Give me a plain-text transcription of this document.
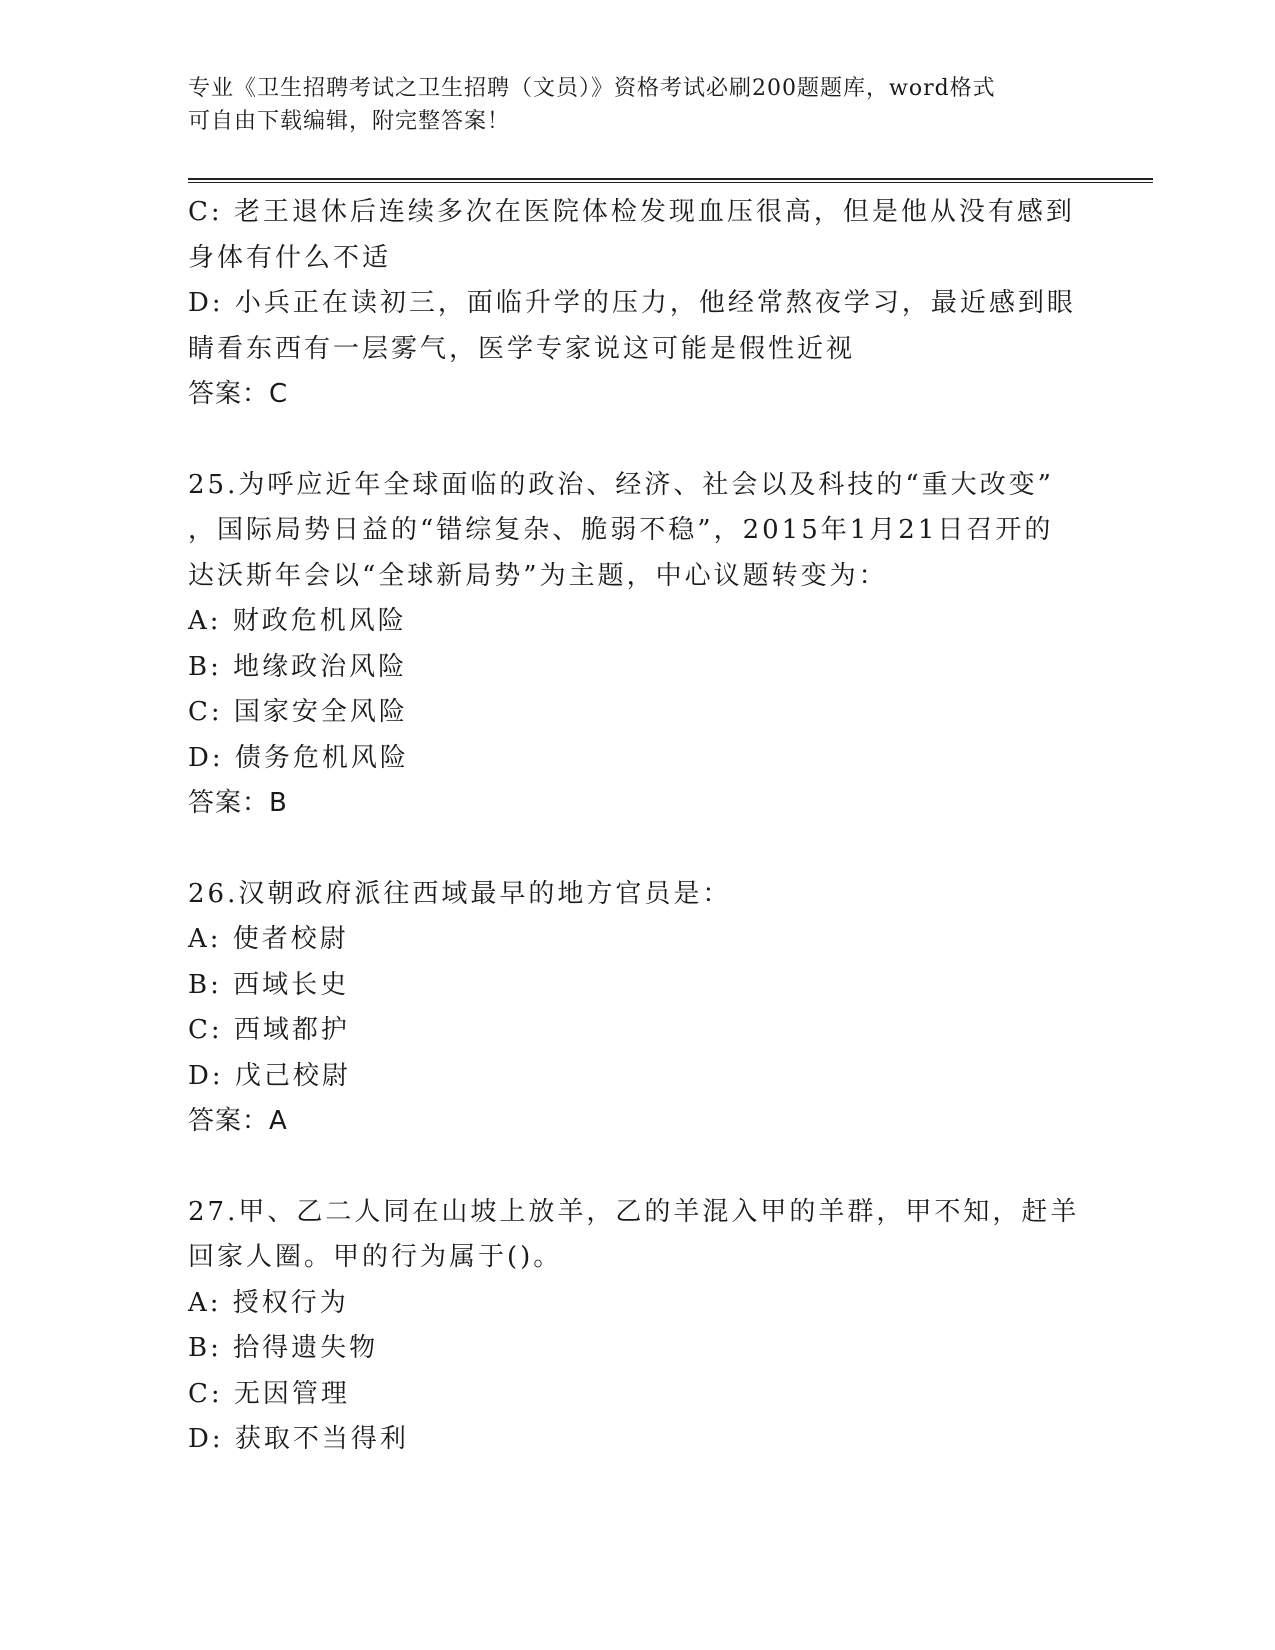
专业《卫生招聘考试之卫生招聘（文员）》资格考试必刷200题题库，word格式
可自由下载编辑，附完整答案！
C: 老王退休后连续多次在医院体检发现血压很高，但是他从没有感到
身体有什么不适
D: 小兵正在读初三，面临升学的压力，他经常熬夜学习，最近感到眼
睛看东西有一层雾气，医学专家说这可能是假性近视
答案：C
25.为呼应近年全球面临的政治、经济、社会以及科技的“重大改变”
，国际局势日益的“错综复杂、脆弱不稳”，2015年1月21日召开的
达沃斯年会以“全球新局势”为主题，中心议题转变为：
A: 财政危机风险
B: 地缘政治风险
C: 国家安全风险
D: 债务危机风险
答案：B
26.汉朝政府派往西域最早的地方官员是：
A: 使者校尉
B: 西域长史
C: 西域都护
D: 戊己校尉
答案：A
27.甲、乙二人同在山坡上放羊，乙的羊混入甲的羊群，甲不知，赶羊
回家人圈。甲的行为属于()。
A: 授权行为
B: 拾得遗失物
C: 无因管理
D: 获取不当得利
